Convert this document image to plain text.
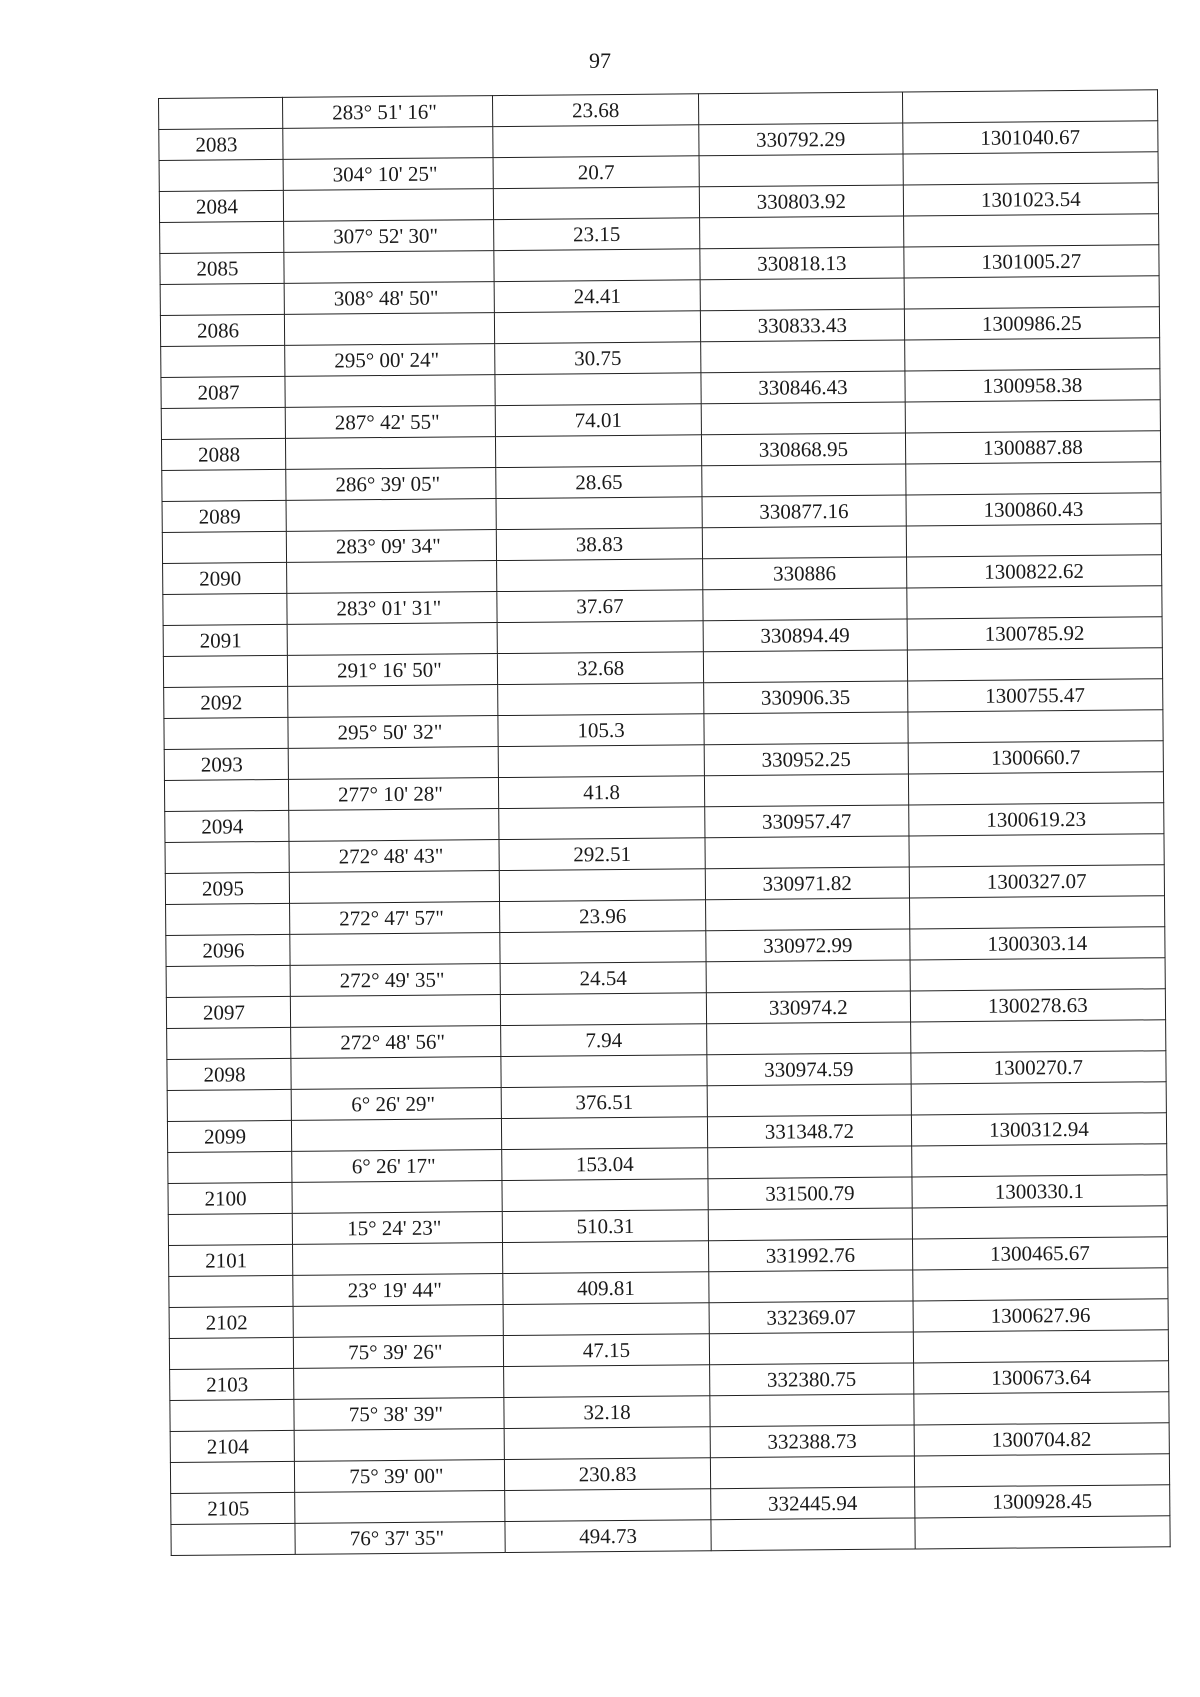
97
	283° 51' 16"	23.68		
2083			330792.29	1301040.67
	304° 10' 25"	20.7		
2084			330803.92	1301023.54
	307° 52' 30"	23.15		
2085			330818.13	1301005.27
	308° 48' 50"	24.41		
2086			330833.43	1300986.25
	295° 00' 24"	30.75		
2087			330846.43	1300958.38
	287° 42' 55"	74.01		
2088			330868.95	1300887.88
	286° 39' 05"	28.65		
2089			330877.16	1300860.43
	283° 09' 34"	38.83		
2090			330886	1300822.62
	283° 01' 31"	37.67		
2091			330894.49	1300785.92
	291° 16' 50"	32.68		
2092			330906.35	1300755.47
	295° 50' 32"	105.3		
2093			330952.25	1300660.7
	277° 10' 28"	41.8		
2094			330957.47	1300619.23
	272° 48' 43"	292.51		
2095			330971.82	1300327.07
	272° 47' 57"	23.96		
2096			330972.99	1300303.14
	272° 49' 35"	24.54		
2097			330974.2	1300278.63
	272° 48' 56"	7.94		
2098			330974.59	1300270.7
	6° 26' 29"	376.51		
2099			331348.72	1300312.94
	6° 26' 17"	153.04		
2100			331500.79	1300330.1
	15° 24' 23"	510.31		
2101			331992.76	1300465.67
	23° 19' 44"	409.81		
2102			332369.07	1300627.96
	75° 39' 26"	47.15		
2103			332380.75	1300673.64
	75° 38' 39"	32.18		
2104			332388.73	1300704.82
	75° 39' 00"	230.83		
2105			332445.94	1300928.45
	76° 37' 35"	494.73		
